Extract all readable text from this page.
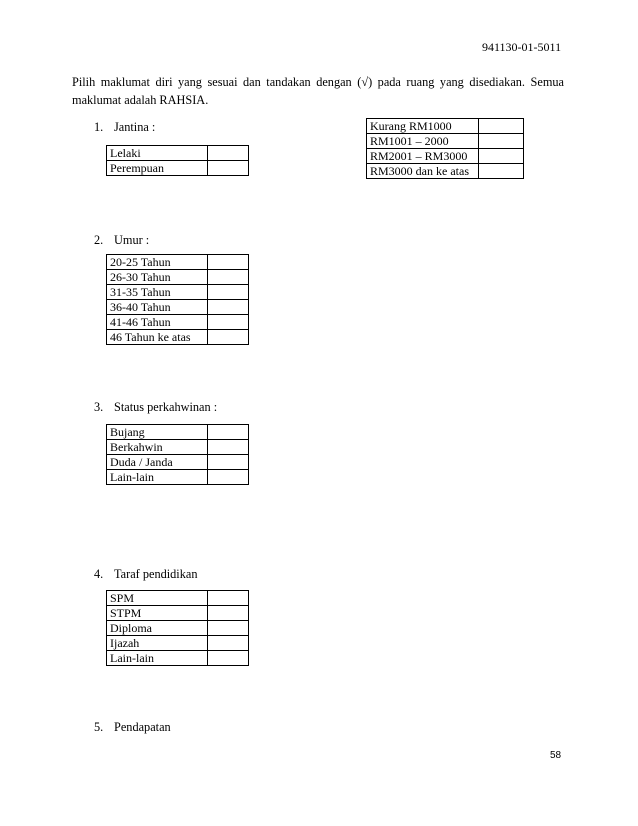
941130-01-5011

Pilih maklumat diri yang sesuai dan tandakan dengan (√) pada ruang yang disediakan. Semua

maklumat adalah RAHSIA.

1. Jantina :
Lelaki	
Perempuan	
Kurang RM1000	
RM1001 – 2000	
RM2001 – RM3000	
RM3000 dan ke atas	
2. Umur :
20-25 Tahun	
26-30 Tahun	
31-35 Tahun	
36-40 Tahun	
41-46 Tahun	
46 Tahun ke atas	
3. Status perkahwinan :
Bujang	
Berkahwin	
Duda / Janda	
Lain-lain	
4. Taraf pendidikan
SPM	
STPM	
Diploma	
Ijazah	
Lain-lain	
5. Pendapatan
58
